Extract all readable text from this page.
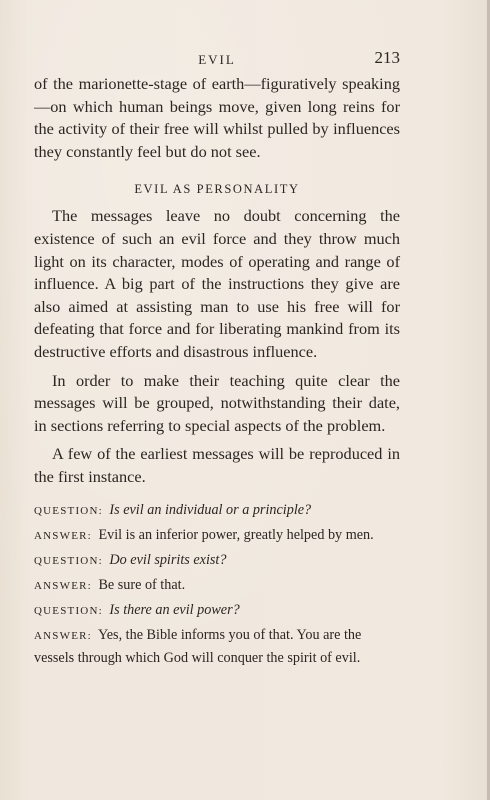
EVIL	213

of the marionette-stage of earth—figuratively speaking—on which human beings move, given long reins for the activity of their free will whilst pulled by influences they constantly feel but do not see.

EVIL AS PERSONALITY

The messages leave no doubt concerning the existence of such an evil force and they throw much light on its character, modes of operating and range of influence. A big part of the instructions they give are also aimed at assisting man to use his free will for defeating that force and for liberating mankind from its destructive efforts and disastrous influence.

In order to make their teaching quite clear the messages will be grouped, notwithstanding their date, in sections referring to special aspects of the problem.

A few of the earliest messages will be reproduced in the first instance.

QUESTION: Is evil an individual or a principle?

ANSWER: Evil is an inferior power, greatly helped by men.

QUESTION: Do evil spirits exist?

ANSWER: Be sure of that.

QUESTION: Is there an evil power?

ANSWER: Yes, the Bible informs you of that. You are the vessels through which God will conquer the spirit of evil.
